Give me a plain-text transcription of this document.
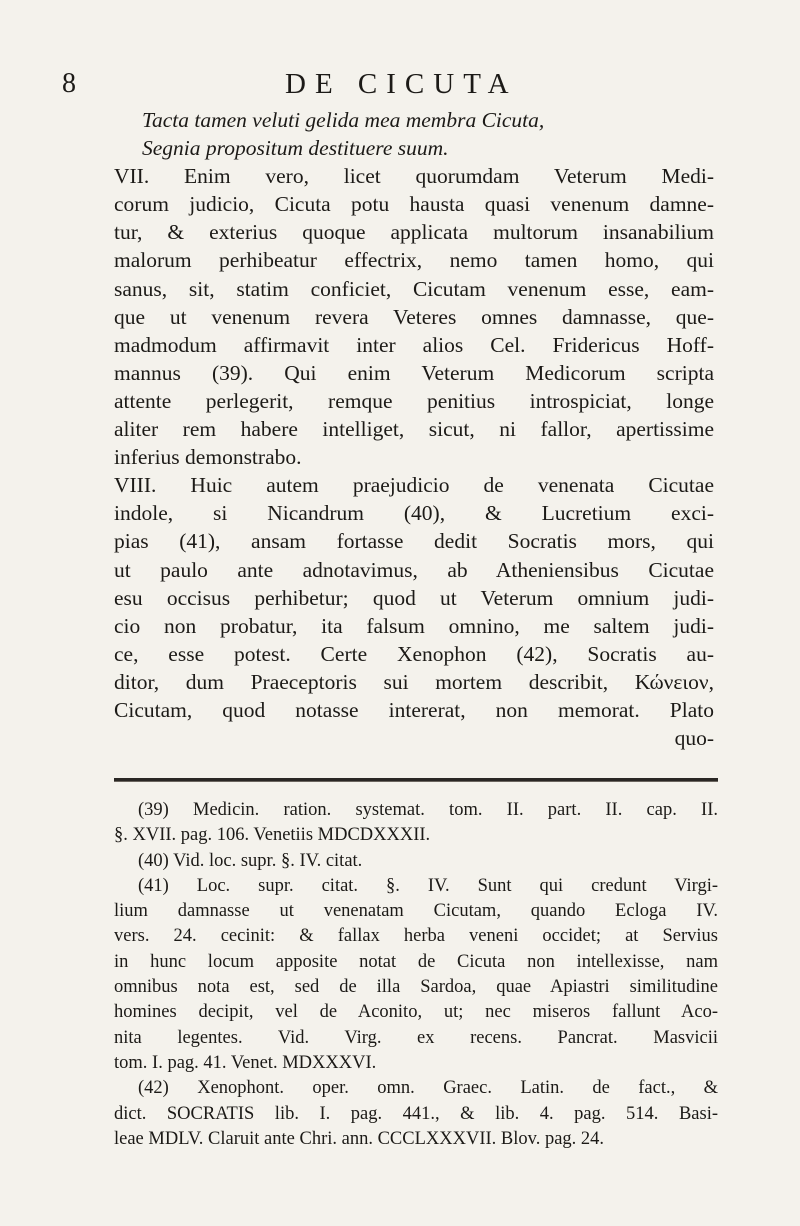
8	DE CICUTA
Tacta tamen veluti gelida mea membra Cicuta,
Segnia propositum destituere suum.
VII. Enim vero, licet quorumdam Veterum Medi-
corum judicio, Cicuta potu hausta quasi venenum damne-
tur, & exterius quoque applicata multorum insanabilium
malorum perhibeatur effectrix, nemo tamen homo, qui
sanus, sit, statim conficiet, Cicutam venenum esse, eam-
que ut venenum revera Veteres omnes damnasse, que-
madmodum affirmavit inter alios Cel. Fridericus Hoff-
mannus (39). Qui enim Veterum Medicorum scripta
attente perlegerit, remque penitius introspiciat, longe
aliter rem habere intelliget, sicut, ni fallor, apertissime
inferius demonstrabo.
VIII. Huic autem praejudicio de venenata Cicutae
indole, si Nicandrum (40), & Lucretium exci-
pias (41), ansam fortasse dedit Socratis mors, qui
ut paulo ante adnotavimus, ab Atheniensibus Cicutae
esu occisus perhibetur; quod ut Veterum omnium judi-
cio non probatur, ita falsum omnino, me saltem judi-
ce, esse potest. Certe Xenophon (42), Socratis au-
ditor, dum Praeceptoris sui mortem describit, Κώνειον,
Cicutam, quod notasse intererat, non memorat. Plato
quo-
(39) Medicin. ration. systemat. tom. II. part. II. cap. II.
§. XVII. pag. 106. Venetiis MDCDXXXII.
(40) Vid. loc. supr. §. IV. citat.
(41) Loc. supr. citat. §. IV. Sunt qui credunt Virgi-
lium damnasse ut venenatam Cicutam, quando Ecloga IV.
vers. 24. cecinit: & fallax herba veneni occidet; at Servius
in hunc locum apposite notat de Cicuta non intellexisse, nam
omnibus nota est, sed de illa Sardoa, quae Apiastri similitudine
homines decipit, vel de Aconito, ut; nec miseros fallunt Aco-
nita legentes. Vid. Virg. ex recens. Pancrat. Masvicii
tom. I. pag. 41. Venet. MDXXXVI.
(42) Xenophont. oper. omn. Graec. Latin. de fact., &
dict. SOCRATIS lib. I. pag. 441., & lib. 4. pag. 514. Basi-
leae MDLV. Claruit ante Chri. ann. CCCLXXXVII. Blov. pag. 24.
